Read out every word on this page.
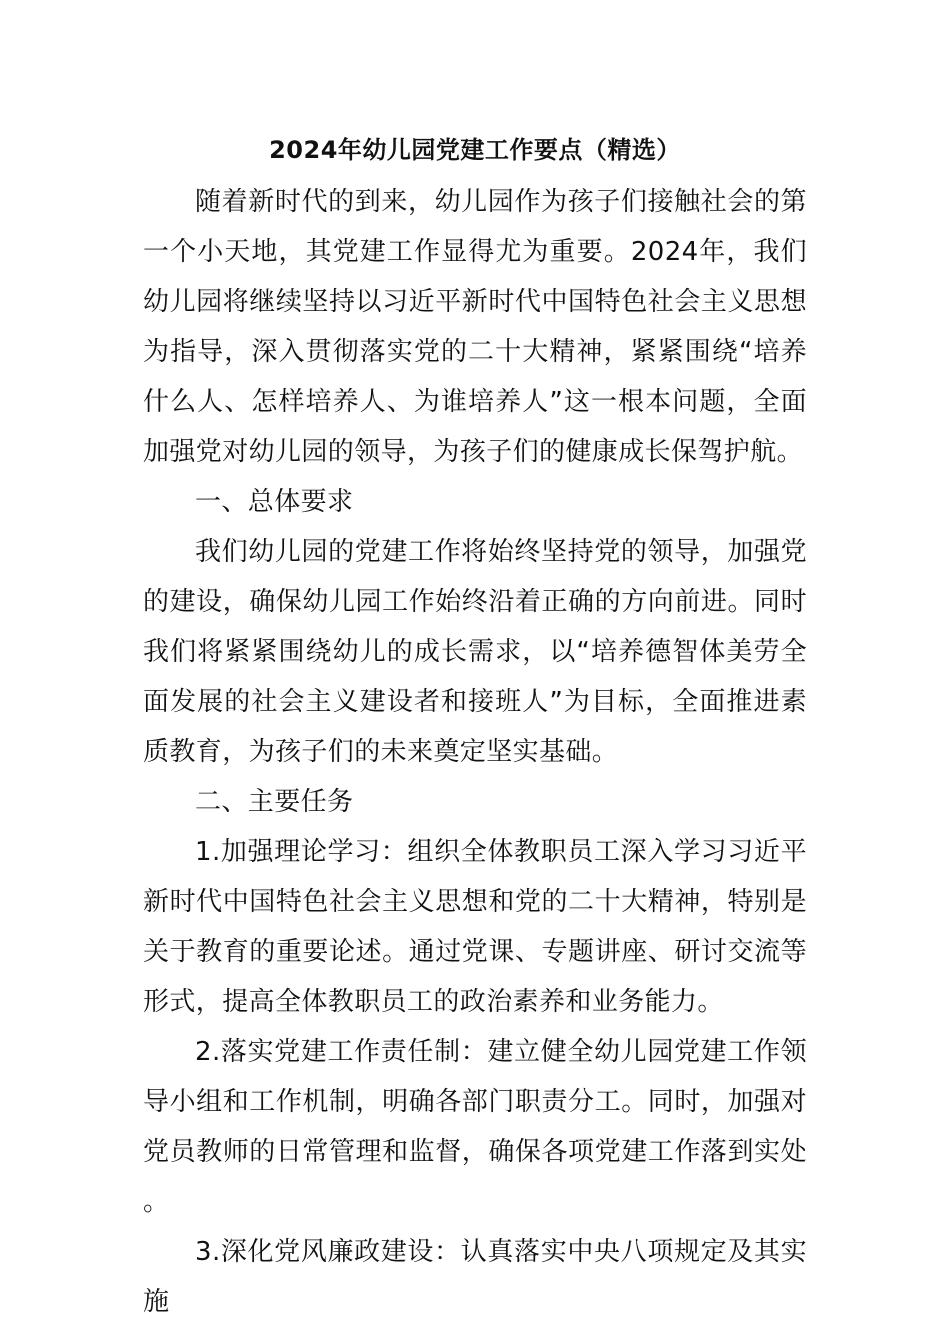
2024年幼儿园党建工作要点（精选）

随着新时代的到来，幼儿园作为孩子们接触社会的第一个小天地，其党建工作显得尤为重要。2024年，我们幼儿园将继续坚持以习近平新时代中国特色社会主义思想为指导，深入贯彻落实党的二十大精神，紧紧围绕“培养什么人、怎样培养人、为谁培养人”这一根本问题，全面加强党对幼儿园的领导，为孩子们的健康成长保驾护航。

一、总体要求

我们幼儿园的党建工作将始终坚持党的领导，加强党的建设，确保幼儿园工作始终沿着正确的方向前进。同时我们将紧紧围绕幼儿的成长需求，以“培养德智体美劳全面发展的社会主义建设者和接班人”为目标，全面推进素质教育，为孩子们的未来奠定坚实基础。

二、主要任务

1.加强理论学习：组织全体教职员工深入学习习近平新时代中国特色社会主义思想和党的二十大精神，特别是关于教育的重要论述。通过党课、专题讲座、研讨交流等形式，提高全体教职员工的政治素养和业务能力。

2.落实党建工作责任制：建立健全幼儿园党建工作领导小组和工作机制，明确各部门职责分工。同时，加强对党员教师的日常管理和监督，确保各项党建工作落到实处。

3.深化党风廉政建设：认真落实中央八项规定及其实施
